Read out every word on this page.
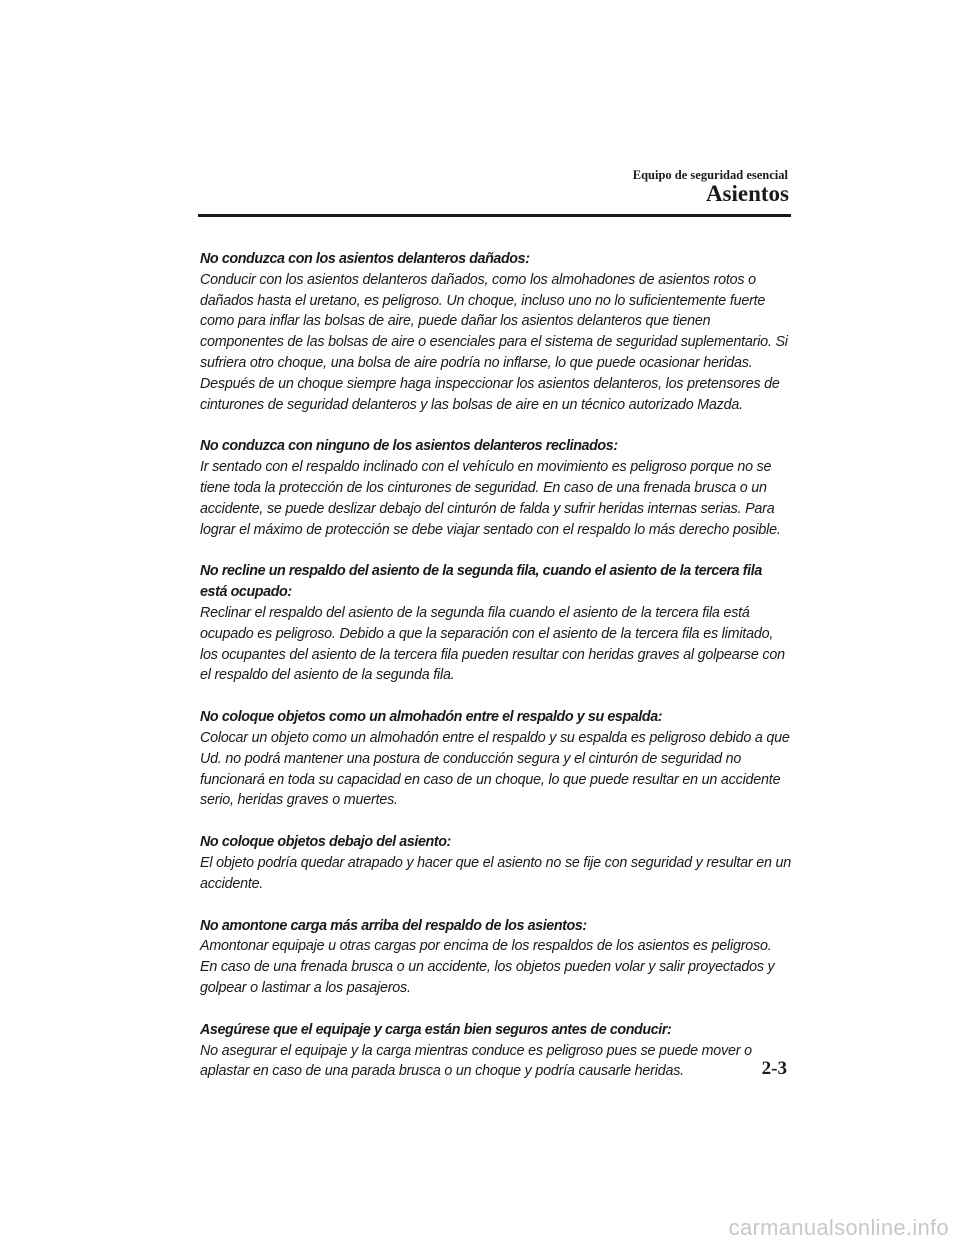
Equipo de seguridad esencial
Asientos
No conduzca con los asientos delanteros dañados:
Conducir con los asientos delanteros dañados, como los almohadones de asientos rotos o dañados hasta el uretano, es peligroso. Un choque, incluso uno no lo suficientemente fuerte como para inflar las bolsas de aire, puede dañar los asientos delanteros que tienen componentes de las bolsas de aire o esenciales para el sistema de seguridad suplementario. Si sufriera otro choque, una bolsa de aire podría no inflarse, lo que puede ocasionar heridas. Después de un choque siempre haga inspeccionar los asientos delanteros, los pretensores de cinturones de seguridad delanteros y las bolsas de aire en un técnico autorizado Mazda.
No conduzca con ninguno de los asientos delanteros reclinados:
Ir sentado con el respaldo inclinado con el vehículo en movimiento es peligroso porque no se tiene toda la protección de los cinturones de seguridad. En caso de una frenada brusca o un accidente, se puede deslizar debajo del cinturón de falda y sufrir heridas internas serias. Para lograr el máximo de protección se debe viajar sentado con el respaldo lo más derecho posible.
No recline un respaldo del asiento de la segunda fila, cuando el asiento de la tercera fila está ocupado:
Reclinar el respaldo del asiento de la segunda fila cuando el asiento de la tercera fila está ocupado es peligroso. Debido a que la separación con el asiento de la tercera fila es limitado, los ocupantes del asiento de la tercera fila pueden resultar con heridas graves al golpearse con el respaldo del asiento de la segunda fila.
No coloque objetos como un almohadón entre el respaldo y su espalda:
Colocar un objeto como un almohadón entre el respaldo y su espalda es peligroso debido a que Ud. no podrá mantener una postura de conducción segura y el cinturón de seguridad no funcionará en toda su capacidad en caso de un choque, lo que puede resultar en un accidente serio, heridas graves o muertes.
No coloque objetos debajo del asiento:
El objeto podría quedar atrapado y hacer que el asiento no se fije con seguridad y resultar en un accidente.
No amontone carga más arriba del respaldo de los asientos:
Amontonar equipaje u otras cargas por encima de los respaldos de los asientos es peligroso. En caso de una frenada brusca o un accidente, los objetos pueden volar y salir proyectados y golpear o lastimar a los pasajeros.
Asegúrese que el equipaje y carga están bien seguros antes de conducir:
No asegurar el equipaje y la carga mientras conduce es peligroso pues se puede mover o aplastar en caso de una parada brusca o un choque y podría causarle heridas.	2-3
carmanualsonline.info
